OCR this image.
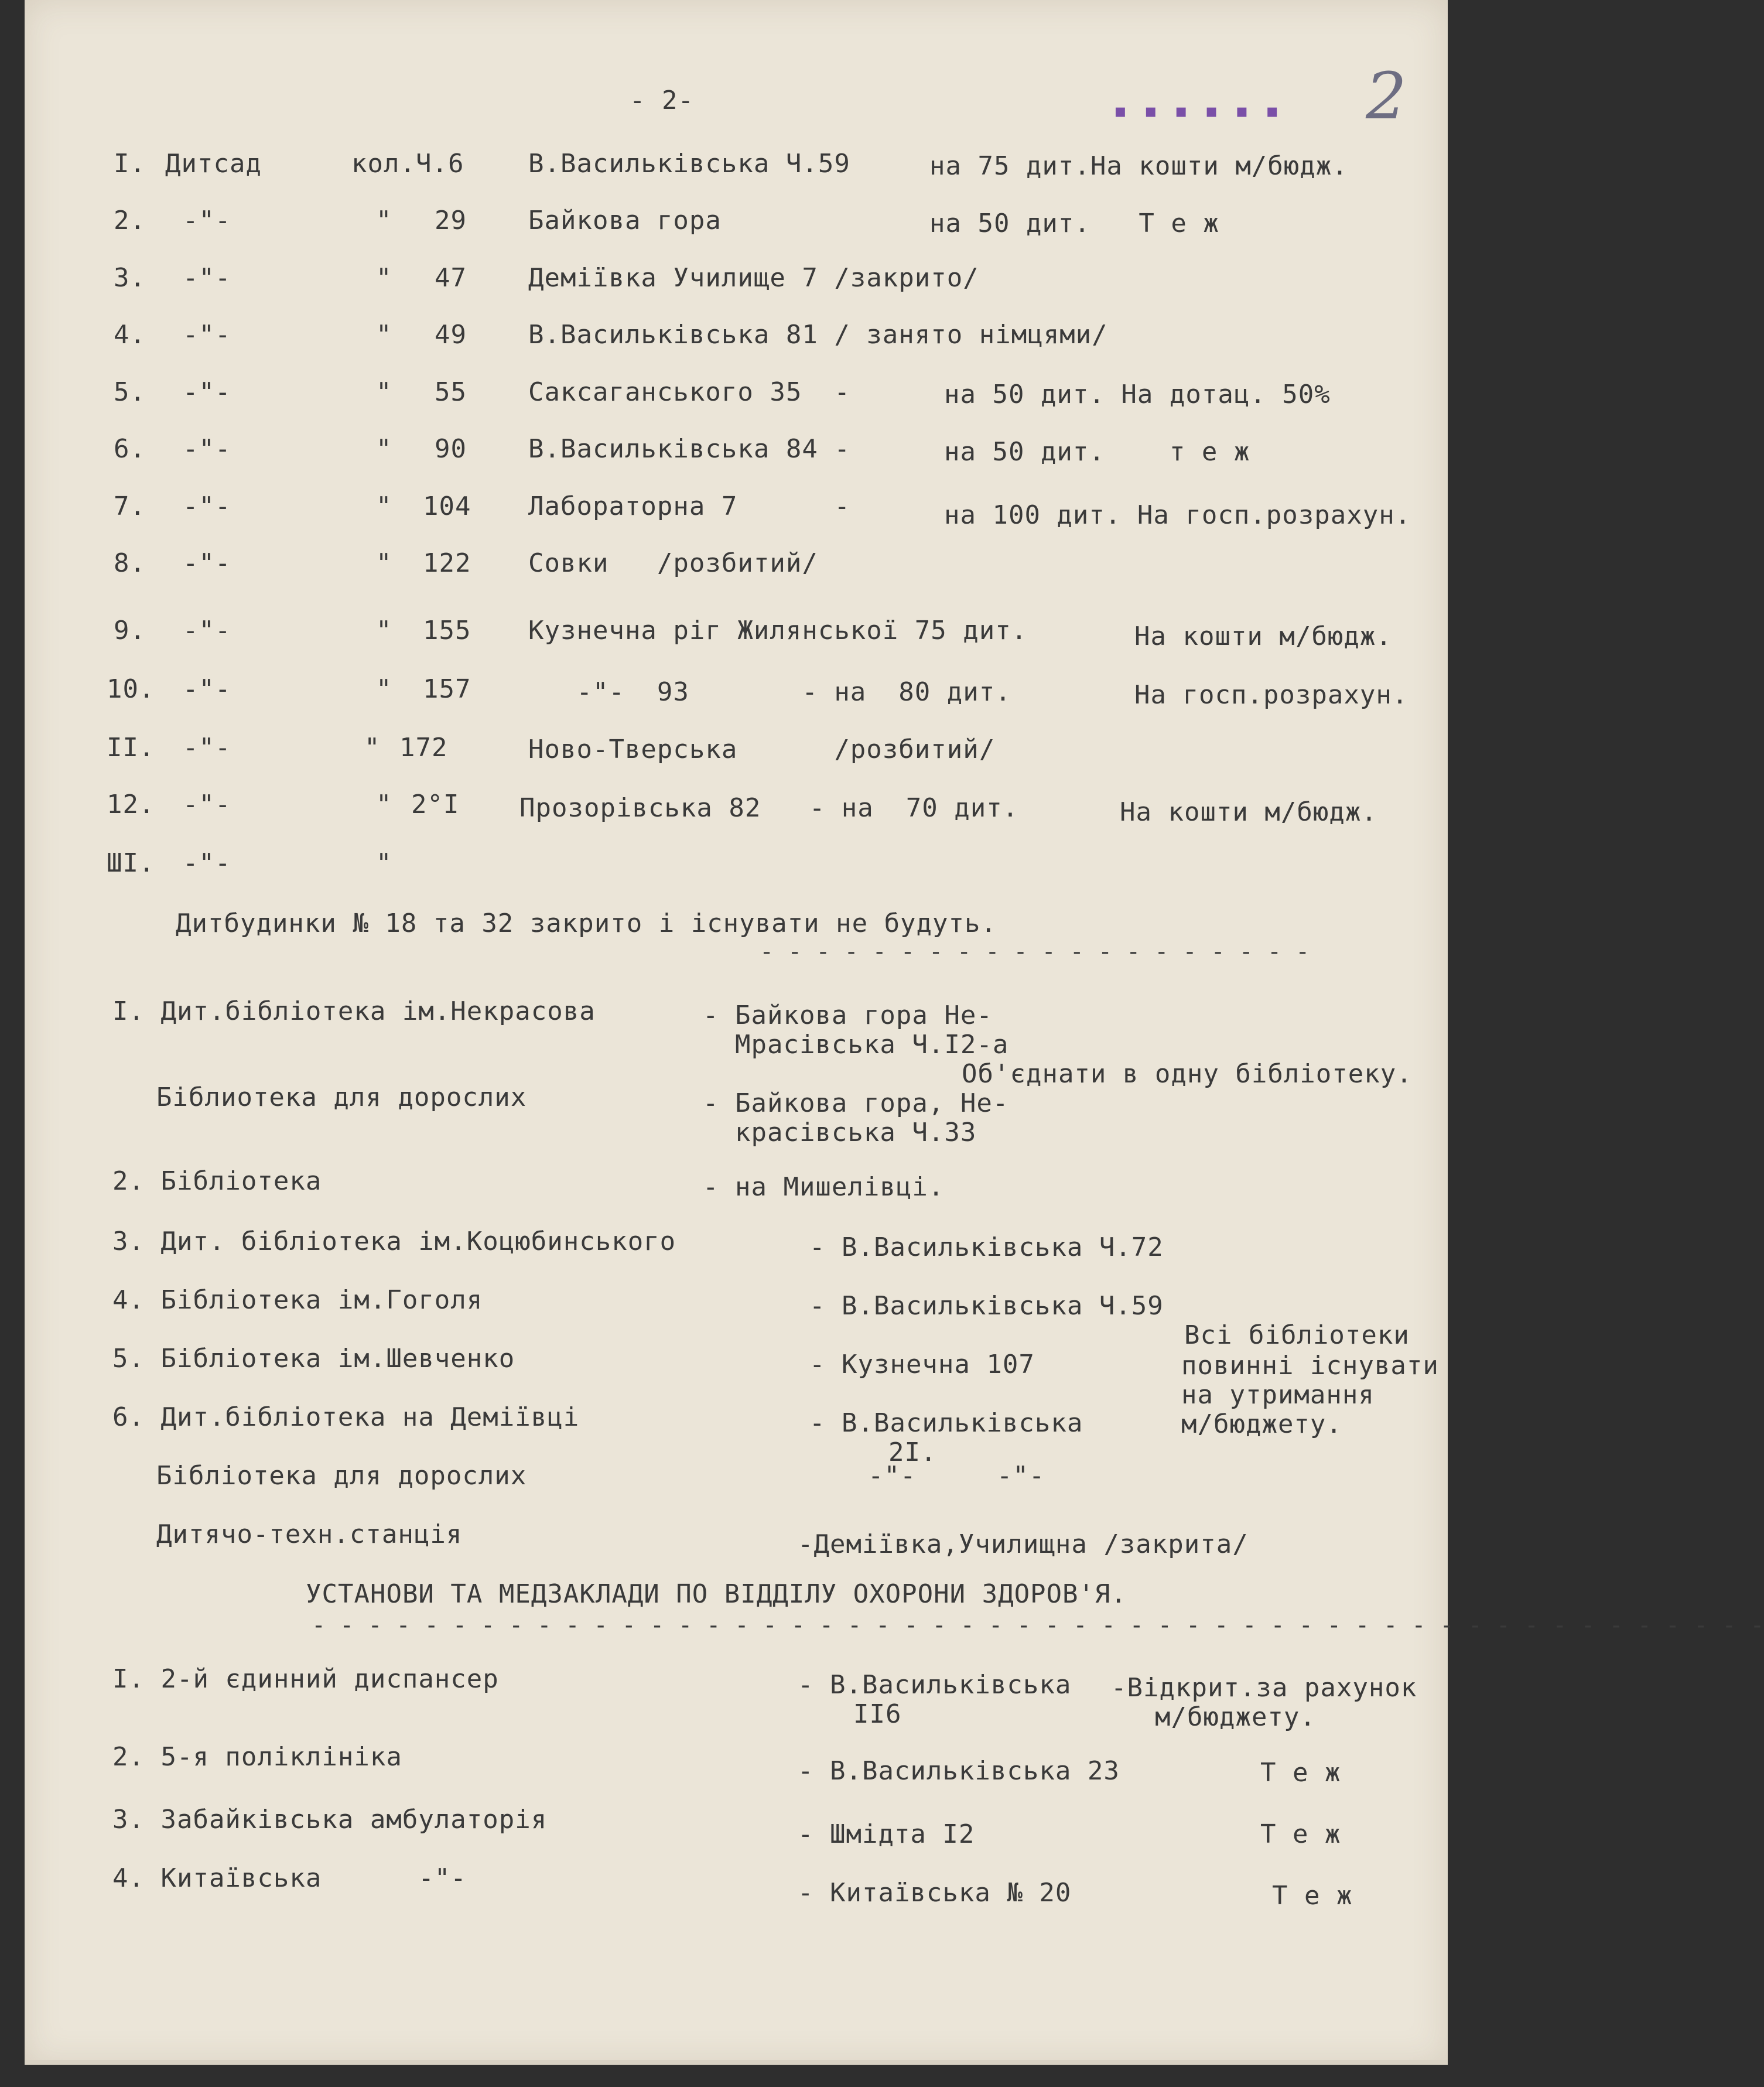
- 2-	▪ ▪ ▪ ▪ ▪ ▪ 2
I. Дитсад	кол.Ч.6 В.Васильківська Ч.59	на 75 дит.На кошти м/бюдж.
2. -"-	" 29 Байкова гора	на 50 дит.   Т е ж
3. -"-	" 47 Деміївка Училище 7 /закрито/
4. -"-	" 49 В.Васильківська 81 / занято німцями/
5. -"-	" 55 Саксаганського 35  -	на 50 дит. На дотац. 50%
6. -"-	" 90 В.Васильківська 84 -	на 50 дит.    т е ж
7. -"-	" 104 Лабораторна 7      -	на 100 дит. На госп.розрахун.
8. -"-	" 122 Совки   /розбитий/
9. -"-	" 155 Кузнечна ріг Жилянської 75 дит.	На кошти м/бюдж.
10. -"-	" 157 -"-  93       - на  80 дит.	На госп.розрахун.
II. -"-	" 172	Ново-Тверська      /розбитий/
12. -"-	" 2°I Прозорівська 82   - на  70 дит.	На кошти м/бюдж.
ШІ. -"-	"
Дитбудинки № 18 та 32 закрито і існувати не будуть.
- - - - - - - - - - - - - - - - - - - -
I. Дит.бібліотека ім.Некрасова	- Байкова гора Не-
Мрасівська Ч.I2-а
Об'єднати в одну бібліотеку.
Біблиотека для дорослих	- Байкова гора, Не-
красівська Ч.33
2. Бібліотека	- на Мишелівці.
3. Дит. бібліотека ім.Коцюбинського	- В.Васильківська Ч.72
4. Бібліотека ім.Гоголя	- В.Васильківська Ч.59
5. Бібліотека ім.Шевченко	- Кузнечна 107
Всі бібліотеки
повинні існувати
на утримання
м/бюджету.
6. Дит.бібліотека на Деміївці	- В.Васильківська
2I.
Бібліотека для дорослих	-"-     -"-
Дитячо-техн.станція	-Деміївка,Училищна /закрита/
УСТАНОВИ ТА МЕДЗАКЛАДИ ПО ВІДДІЛУ ОХОРОНИ ЗДОРОВ'Я.
- - - - - - - - - - - - - - - - - - - - - - - - - - - - - - - - - - - - - - - - - - - - - - - - - - - -
I. 2-й єдинний диспансер	- В.Васильківська
II6
-Відкрит.за рахунок
м/бюджету.
2. 5-я поліклініка	- В.Васильківська 23	Т е ж
3. Забайківська амбулаторія	- Шмідта I2	Т е ж
4. Китаївська      -"-	- Китаївська № 20	Т е ж
